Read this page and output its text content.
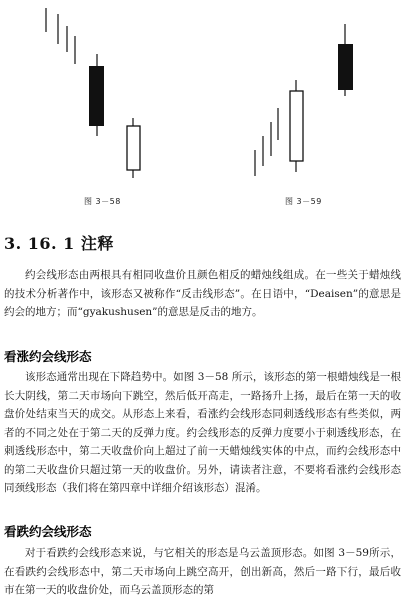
图 3－58	图 3－59
3. 16. 1 注释
约会线形态由两根具有相同收盘价且颜色相反的蜡烛线组成。在一些关于蜡烛线的技术分析著作中，该形态又被称作“反击线形态”。在日语中，“Deaisen”的意思是约会的地方；而“gyakushusen”的意思是反击的地方。
看涨约会线形态
该形态通常出现在下降趋势中。如图 3－58 所示，该形态的第一根蜡烛线是一根长大阴线，第二天市场向下跳空，然后低开高走，一路扬升上扬，最后在第一天的收盘价处结束当天的成交。从形态上来看，看涨约会线形态同刺透线形态有些类似，两者的不同之处在于第二天的反弹力度。约会线形态的反弹力度要小于刺透线形态，在刺透线形态中，第二天收盘价向上超过了前一天蜡烛线实体的中点，而约会线形态中的第二天收盘价只超过第一天的收盘价。另外，请读者注意，不要将看涨约会线形态同颈线形态（我们将在第四章中详细介绍该形态）混淆。
看跌约会线形态
对于看跌约会线形态来说，与它相关的形态是乌云盖顶形态。如图 3－59所示，在看跌约会线形态中，第二天市场向上跳空高开，创出新高，然后一路下行，最后收市在第一天的收盘价处，而乌云盖顶形态的第
